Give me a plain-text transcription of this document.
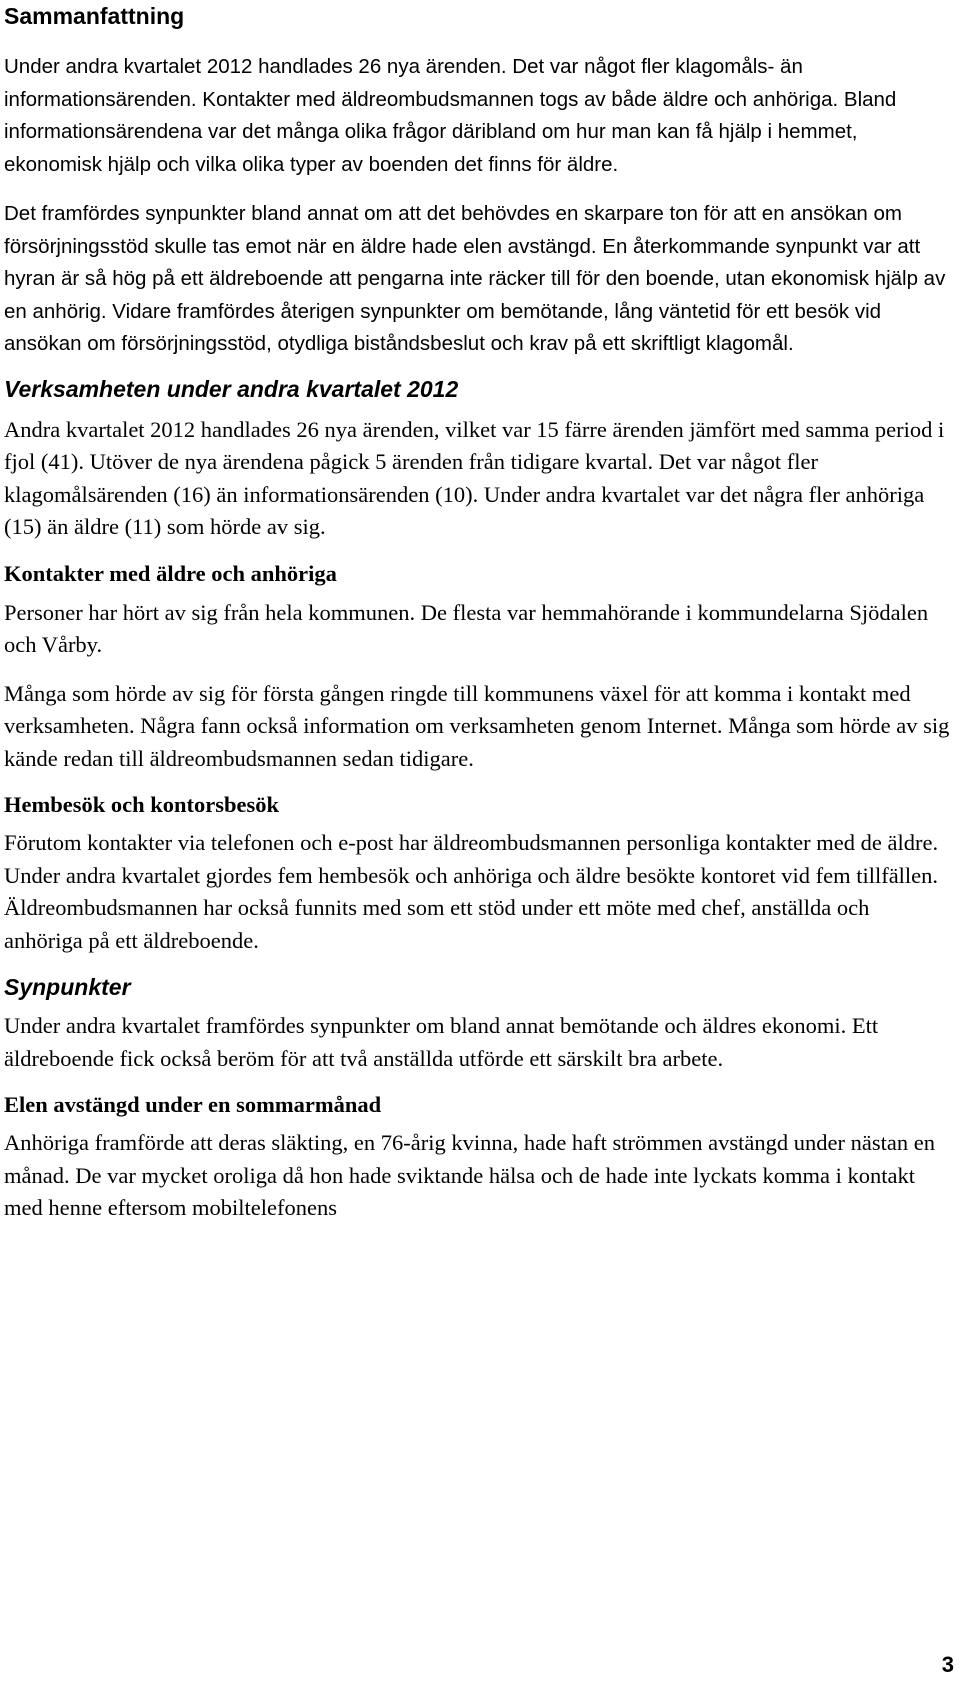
Sammanfattning

Under andra kvartalet 2012 handlades 26 nya ärenden. Det var något fler klagomåls- än informationsärenden. Kontakter med äldreombudsmannen togs av både äldre och anhöriga. Bland informationsärendena var det många olika frågor däribland om hur man kan få hjälp i hemmet, ekonomisk hjälp och vilka olika typer av boenden det finns för äldre.

Det framfördes synpunkter bland annat om att det behövdes en skarpare ton för att en ansökan om försörjningsstöd skulle tas emot när en äldre hade elen avstängd. En återkommande synpunkt var att hyran är så hög på ett äldreboende att pengarna inte räcker till för den boende, utan ekonomisk hjälp av en anhörig. Vidare framfördes återigen synpunkter om bemötande, lång väntetid för ett besök vid ansökan om försörjningsstöd, otydliga biståndsbeslut och krav på ett skriftligt klagomål.

Verksamheten under andra kvartalet 2012

Andra kvartalet 2012 handlades 26 nya ärenden, vilket var 15 färre ärenden jämfört med samma period i fjol (41). Utöver de nya ärendena pågick 5 ärenden från tidigare kvartal. Det var något fler klagomålsärenden (16) än informationsärenden (10). Under andra kvartalet var det några fler anhöriga (15) än äldre (11) som hörde av sig.

Kontakter med äldre och anhöriga

Personer har hört av sig från hela kommunen. De flesta var hemmahörande i kommundelarna Sjödalen och Vårby.

Många som hörde av sig för första gången ringde till kommunens växel för att komma i kontakt med verksamheten. Några fann också information om verksamheten genom Internet. Många som hörde av sig kände redan till äldreombudsmannen sedan tidigare.

Hembesök och kontorsbesök

Förutom kontakter via telefonen och e-post har äldreombudsmannen personliga kontakter med de äldre. Under andra kvartalet gjordes fem hembesök och anhöriga och äldre besökte kontoret vid fem tillfällen. Äldreombudsmannen har också funnits med som ett stöd under ett möte med chef, anställda och anhöriga på ett äldreboende.

Synpunkter

Under andra kvartalet framfördes synpunkter om bland annat bemötande och äldres ekonomi. Ett äldreboende fick också beröm för att två anställda utförde ett särskilt bra arbete.

Elen avstängd under en sommarmånad

Anhöriga framförde att deras släkting, en 76-årig kvinna, hade haft strömmen avstängd under nästan en månad. De var mycket oroliga då hon hade sviktande hälsa och de hade inte lyckats komma i kontakt med henne eftersom mobiltelefonens

3
